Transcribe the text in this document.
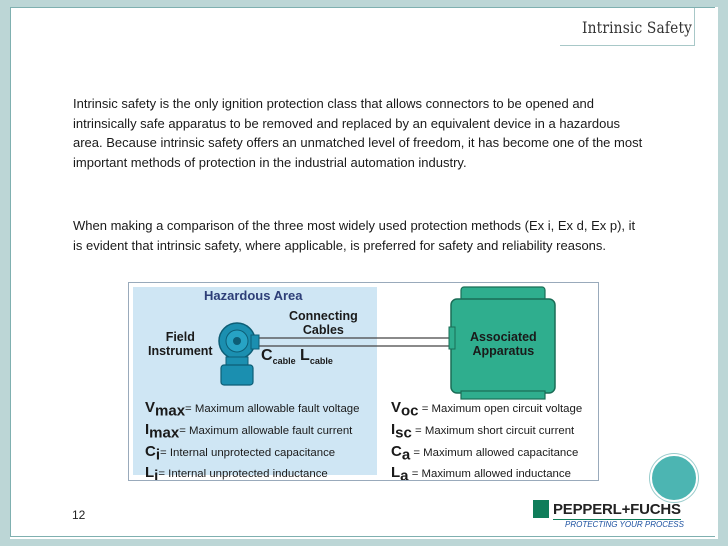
Intrinsic Safety

Intrinsic safety is the only ignition protection class that allows connectors to be opened and intrinsically safe apparatus to be removed and replaced by an equivalent device in a hazardous area. Because intrinsic safety offers an unmatched level of freedom, it has become one of the most important methods of protection in the industrial automation industry.

When making a comparison of the three most widely used protection methods (Ex i, Ex d, Ex p), it is evident that intrinsic safety, where applicable, is preferred for safety and reliability reasons.

Hazardous Area
Field
Instrument
Connecting
Cables
$C_{cable}$ $L_{cable}$
Associated
Apparatus
$V_{max}=$ Maximum allowable fault voltage
$I_{max}=$ Maximum allowable fault current
$C_i=$ Internal unprotected capacitance
$L_i=$ Internal unprotected inductance
$V_{oc}$ = Maximum open circuit voltage
$I_{sc}$ = Maximum short circuit current
$C_a$ = Maximum allowed capacitance
$L_a$ = Maximum allowed inductance
12	PEPPERL+FUCHS
PROTECTING YOUR PROCESS
